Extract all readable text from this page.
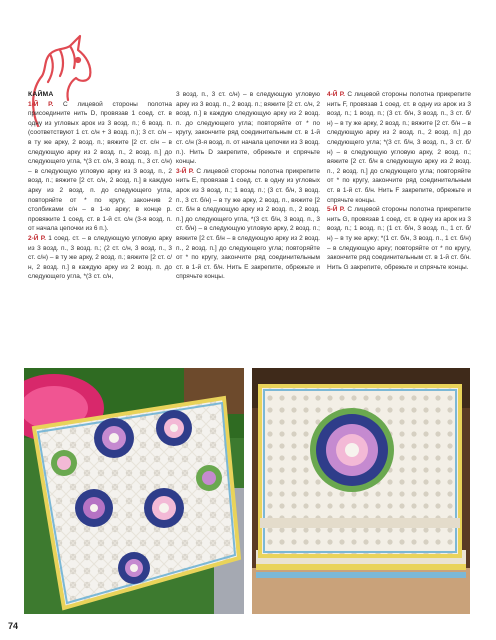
КАЙМА

1-Й Р. С лицевой стороны полотна присоедините нить D, провязав 1 соед. ст. в одну из угловых арок из 3 возд. п.; 6 возд. п. (соответствуют 1 ст. с/н + 3 возд. п.); 3 ст. с/н – в ту же арку, 2 возд. п.; вяжите [2 ст. с/н – в следующую арку из 2 возд. п., 2 возд. п.] до следующего угла, *(3 ст. с/н, 3 возд. п., 3 ст. с/н) – в следующую угловую арку из 3 возд. п., 2 возд. п.; вяжите [2 ст. с/н, 2 возд. п.] в каждую арку из 2 возд. п. до следующего угла, повторяйте от * по кругу, закончив 2 столбиками с/н – в 1-ю арку; в конце р. провяжите 1 соед. ст. в 1-й ст. с/н (3-я возд. п. от начала цепочки из 6 п.).

2-Й Р. 1 соед. ст. – в следующую угловую арку из 3 возд. п., 3 возд. п.; (2 ст. с/н, 3 возд. п., 3 ст. с/н) – в ту же арку, 2 возд. п.; вяжите [2 ст. с/н, 2 возд. п.] в каждую арку из 2 возд. п. до следующего угла, *(3 ст. с/н,

3 возд. п., 3 ст. с/н) – в следующую угловую арку из 3 возд. п., 2 возд. п.; вяжите [2 ст. с/н, 2 возд. п.] в каждую следующую арку из 2 возд. п. до следующего угла; повторяйте от * по кругу, закончите ряд соединительным ст. в 1-й ст. с/н (3-я возд. п. от начала цепочки из 3 возд. п.). Нить D закрепите, обрежьте и спрячьте концы.

3-Й Р. С лицевой стороны полотна прикрепите нить E, провязав 1 соед. ст. в одну из угловых арок из 3 возд. п.; 1 возд. п.; (3 ст. б/н, 3 возд. п., 3 ст. б/н) – в ту же арку, 2 возд. п., вяжите [2 ст. б/н в следующую арку из 2 возд. п., 2 возд. п.] до следующего угла, *(3 ст. б/н, 3 возд. п., 3 ст. б/н) – в следующую угловую арку, 2 возд. п.; вяжите [2 ст. б/н – в следующую арку из 2 возд. п., 2 возд. п.] до следующего угла; повторяйте от * по кругу, закончите ряд соединительным ст. в 1-й ст. б/н. Нить E закрепите, обрежьте и спрячьте концы.

4-Й Р. С лицевой стороны полотна прикрепите нить F, провязав 1 соед. ст. в одну из арок из 3 возд. п.; 1 возд. п.; (3 ст. б/н, 3 возд. п., 3 ст. б/н) – в ту же арку, 2 возд. п.; вяжите [2 ст. б/н – в следующую арку из 2 возд. п., 2 возд. п.] до следующего угла; *(3 ст. б/н, 3 возд. п., 3 ст. б/н) – в следующую угловую арку, 2 возд. п.; вяжите [2 ст. б/н в следующую арку из 2 возд. п., 2 возд. п.] до следующего угла; повторяйте от * по кругу, закончите ряд соединительным ст. в 1-й ст. б/н. Нить F закрепите, обрежьте и спрячьте концы.

5-Й Р. С лицевой стороны полотна прикрепите нить G, провязав 1 соед. ст. в одну из арок из 3 возд. п.; 1 возд. п.; (1 ст. б/н, 3 возд. п., 1 ст. б/н) – в ту же арку; *(1 ст. б/н, 3 возд. п., 1 ст. б/н) – в следующую арку; повторяйте от * по кругу, закончите ряд соединительным ст. в 1-й ст. б/н. Нить G закрепите, обрежьте и спрячьте концы.

74
